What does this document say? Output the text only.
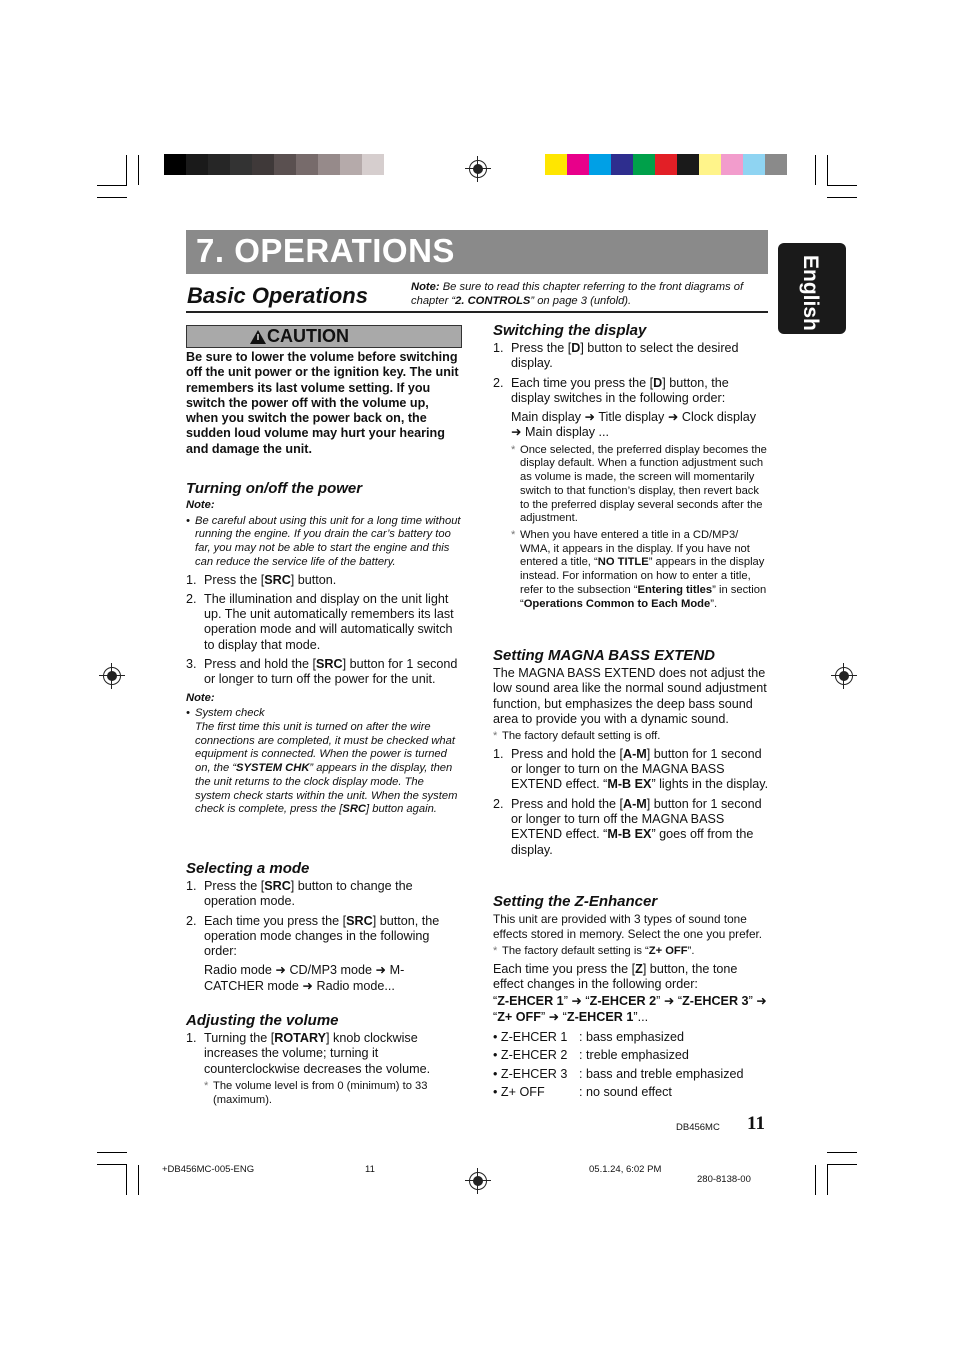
7. OPERATIONS
Basic Operations	Note: Be sure to read this chapter referring to the front diagrams of chapter “2. CONTROLS” on page 3 (unfold).	English
CAUTION
Be sure to lower the volume before switching off the unit power or the ignition key. The unit remembers its last volume setting. If you switch the power off with the volume up, when you switch the power back on, the sudden loud volume may hurt your hearing and damage the unit.
Turning on/off the power
Note:
• Be careful about using this unit for a long time without running the engine. If you drain the car’s battery too far, you may not be able to start the engine and this can reduce the service life of the battery.
1. Press the [SRC] button.
2. The illumination and display on the unit light up. The unit automatically remembers its last operation mode and will automatically switch to display that mode.
3. Press and hold the [SRC] button for 1 second or longer to turn off the power for the unit.
Note:
• System check
The first time this unit is turned on after the wire connections are completed, it must be checked what equipment is connected. When the power is turned on, the “SYSTEM CHK” appears in the display, then the unit returns to the clock display mode. The system check starts within the unit. When the system check is complete, press the [SRC] button again.
Selecting a mode
1. Press the [SRC] button to change the operation mode.
2. Each time you press the [SRC] button, the operation mode changes in the following order:
Radio mode ➜ CD/MP3 mode ➜ M-CATCHER mode ➜ Radio mode...
Adjusting the volume
1. Turning the [ROTARY] knob clockwise increases the volume; turning it counterclockwise decreases the volume.
* The volume level is from 0 (minimum) to 33 (maximum).
Switching the display
1. Press the [D] button to select the desired display.
2. Each time you press the [D] button, the display switches in the following order:
Main display ➜ Title display ➜ Clock display ➜ Main display ...
* Once selected, the preferred display becomes the display default. When a function adjustment such as volume is made, the screen will momentarily switch to that function’s display, then revert back to the preferred display several seconds after the adjustment.
* When you have entered a title in a CD/MP3/ WMA, it appears in the display. If you have not entered a title, “NO TITLE” appears in the display instead. For information on how to enter a title, refer to the subsection “Entering titles” in section “Operations Common to Each Mode”.
Setting MAGNA BASS EXTEND
The MAGNA BASS EXTEND does not adjust the low sound area like the normal sound adjustment function, but emphasizes the deep bass sound area to provide you with a dynamic sound.
* The factory default setting is off.
1. Press and hold the [A-M] button for 1 second or longer to turn on the MAGNA BASS EXTEND effect. “M-B EX” lights in the display.
2. Press and hold the [A-M] button for 1 second or longer to turn off the MAGNA BASS EXTEND effect. “M-B EX” goes off from the display.
Setting the Z-Enhancer
This unit are provided with 3 types of sound tone effects stored in memory. Select the one you prefer.
* The factory default setting is “Z+ OFF”.
Each time you press the [Z] button, the tone effect changes in the following order:
“Z-EHCER 1” ➜ “Z-EHCER 2” ➜ “Z-EHCER 3” ➜ “Z+ OFF” ➜ “Z-EHCER 1”...
• Z-EHCER 1 : bass emphasized
• Z-EHCER 2 : treble emphasized
• Z-EHCER 3 : bass and treble emphasized
• Z+ OFF	: no sound effect
11
DB456MC
+DB456MC-005-ENG	11	05.1.24, 6:02 PM
280-8138-00
